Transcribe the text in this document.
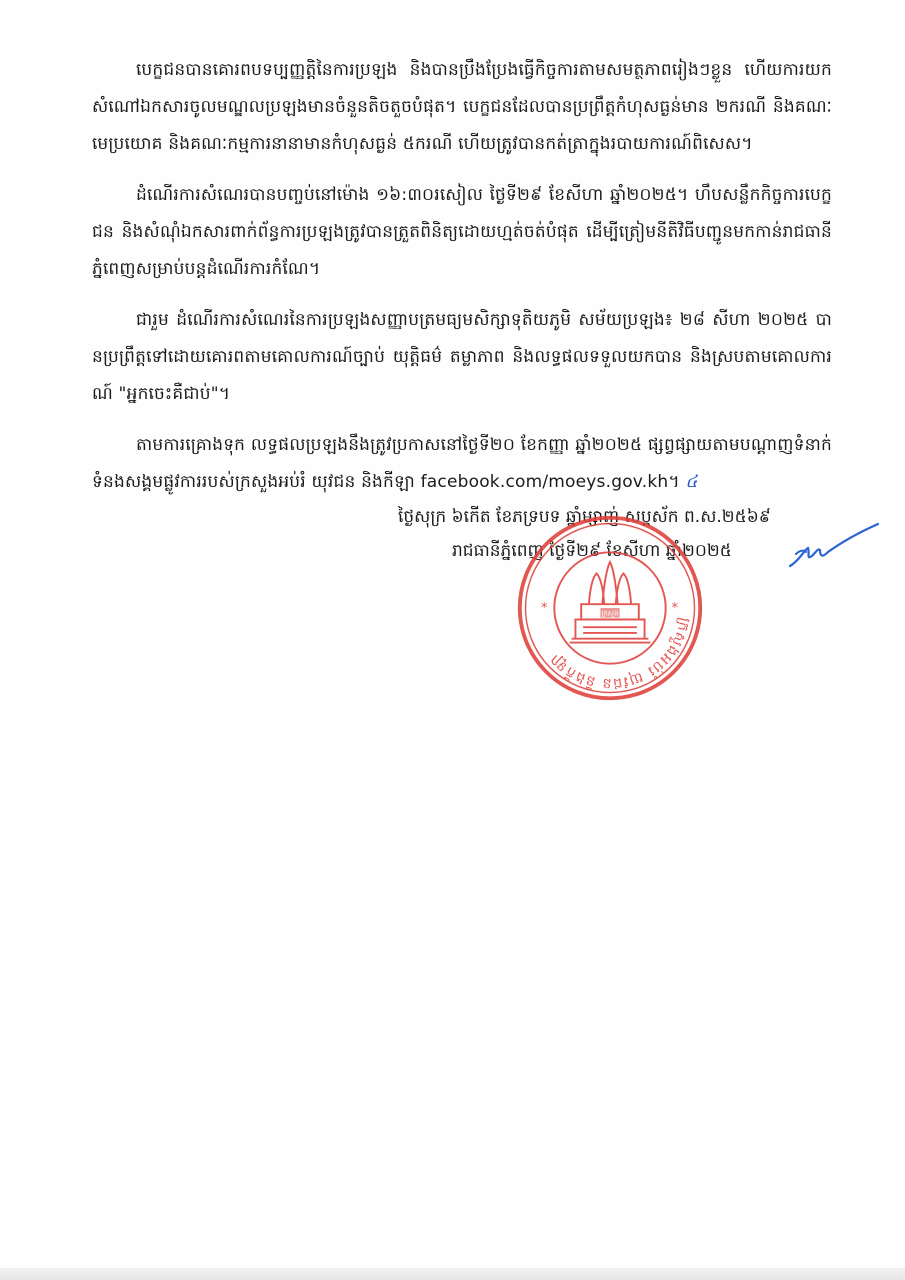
បេក្ខជនបានគោរពបទប្បញ្ញត្តិនៃការប្រឡង និងបានប្រឹងប្រែងធ្វើកិច្ចការតាមសមត្ថភាពរៀងៗខ្លួន ហើយការយកសំណៅឯកសារចូលមណ្ឌលប្រឡងមានចំនួនតិចតួចបំផុត។ បេក្ខជនដែលបានប្រព្រឹត្តកំហុសធ្ងន់មាន ២ករណី និងគណៈមេប្រយោគ និងគណៈកម្មការនានាមានកំហុសធ្ងន់ ៥ករណី ហើយត្រូវបានកត់ត្រាក្នុងរបាយការណ៍ពិសេស។

ដំណើរការសំណេរបានបញ្ចប់នៅម៉ោង ១៦:៣០រសៀល ថ្ងៃទី២៩ ខែសីហា ឆ្នាំ២០២៥។ ហឹបសន្លឹកកិច្ចការបេក្ខជន និងសំណុំឯកសារពាក់ព័ន្ធការប្រឡងត្រូវបានត្រួតពិនិត្យដោយហ្មត់ចត់បំផុត ដើម្បីត្រៀមនីតិវិធីបញ្ជូនមកកាន់រាជធានីភ្នំពេញសម្រាប់បន្តដំណើរការកំណែ។

ជារួម ដំណើរការសំណេរនៃការប្រឡងសញ្ញាបត្រមធ្យមសិក្សាទុតិយភូមិ សម័យប្រឡង៖ ២៨ សីហា ២០២៥ បានប្រព្រឹត្តទៅដោយគោរពតាមគោលការណ៍ច្បាប់ យុត្តិធម៌ តម្លាភាព និងលទ្ធផលទទួលយកបាន និងស្របតាមគោលការណ៍ "អ្នកចេះគឺជាប់"។

តាមការគ្រោងទុក លទ្ធផលប្រឡងនឹងត្រូវប្រកាសនៅថ្ងៃទី២០ ខែកញ្ញា ឆ្នាំ២០២៥ ផ្សព្វផ្សាយតាមបណ្តាញទំនាក់ទំនងសង្គមផ្លូវការរបស់ក្រសួងអប់រំ យុវជន និងកីឡា facebook.com/moeys.gov.kh។ ៤

ថ្ងៃសុក្រ ៦កើត ខែភទ្របទ ឆ្នាំម្សាញ់ សប្តស័ក ព.ស.២៥៦៩
រាជធានីភ្នំពេញ ថ្ងៃទី២៩ ខែសីហា ឆ្នាំ២០២៥
ក្រសួងអប់រំ យុវជន និងកីឡា
*	*
ក្រសួង
